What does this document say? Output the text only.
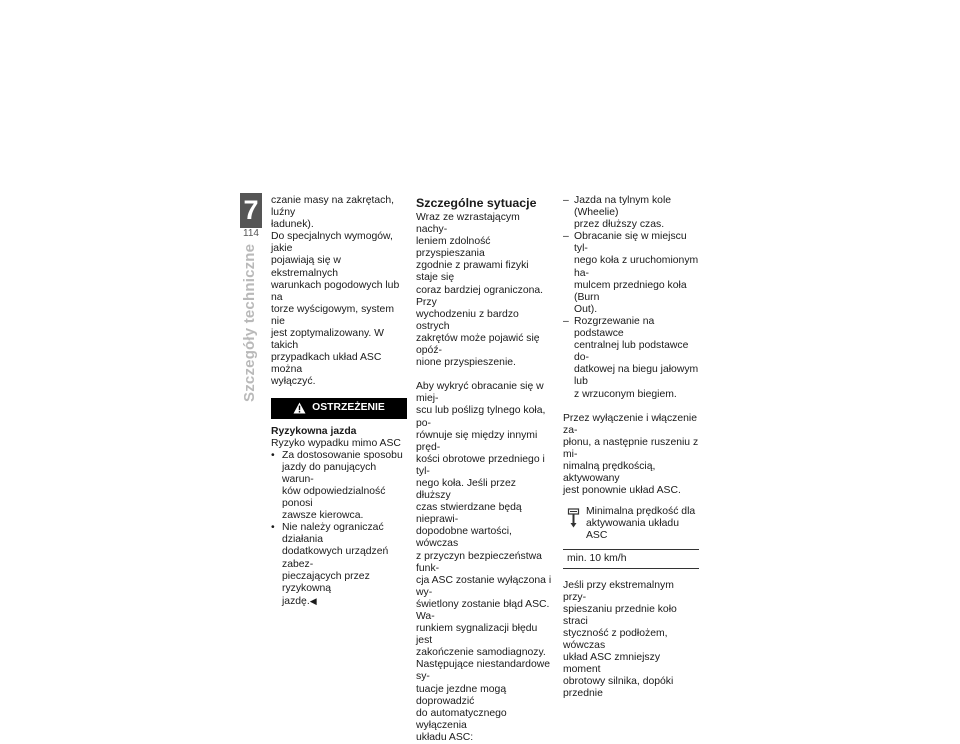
7
114
Szczegóły techniczne

czanie masy na zakrętach, luźny
ładunek).
Do specjalnych wymogów, jakie
pojawiają się w ekstremalnych
warunkach pogodowych lub na
torze wyścigowym, system nie
jest zoptymalizowany. W takich
przypadkach układ ASC można
wyłączyć.

OSTRZEŻENIE

Ryzykowna jazda

Ryzyko wypadku mimo ASC

• Za dostosowanie sposobu
jazdy do panujących warun-
ków odpowiedzialność ponosi
zawsze kierowca.
• Nie należy ograniczać działania
dodatkowych urządzeń zabez-
pieczających przez ryzykowną
jazdę.◀
Szczególne sytuacje

Wraz ze wzrastającym nachy-
leniem zdolność przyspieszania
zgodnie z prawami fizyki staje się
coraz bardziej ograniczona. Przy
wychodzeniu z bardzo ostrych
zakrętów może pojawić się opóź-
nione przyspieszenie.

Aby wykryć obracanie się w miej-
scu lub poślizg tylnego koła, po-
równuje się między innymi pręd-
kości obrotowe przedniego i tyl-
nego koła. Jeśli przez dłuższy
czas stwierdzane będą nieprawi-
dopodobne wartości, wówczas
z przyczyn bezpieczeństwa funk-
cja ASC zostanie wyłączona i wy-
świetlony zostanie błąd ASC. Wa-
runkiem sygnalizacji błędu jest
zakończenie samodiagnozy.

Następujące niestandardowe sy-
tuacje jezdne mogą doprowadzić
do automatycznego wyłączenia
układu ASC:

– Jazda na tylnym kole (Wheelie)
przez dłuższy czas.
– Obracanie się w miejscu tyl-
nego koła z uruchomionym ha-
mulcem przedniego koła (Burn
Out).
– Rozgrzewanie na podstawce
centralnej lub podstawce do-
datkowej na biegu jałowym lub
z wrzuconym biegiem.

Przez wyłączenie i włączenie za-
płonu, a następnie ruszeniu z mi-
nimalną prędkością, aktywowany
jest ponownie układ ASC.

Minimalna prędkość dla
aktywowania układu ASC
min. 10 km/h

Jeśli przy ekstremalnym przy-
spieszaniu przednie koło straci
styczność z podłożem, wówczas
układ ASC zmniejszy moment
obrotowy silnika, dopóki przednie
